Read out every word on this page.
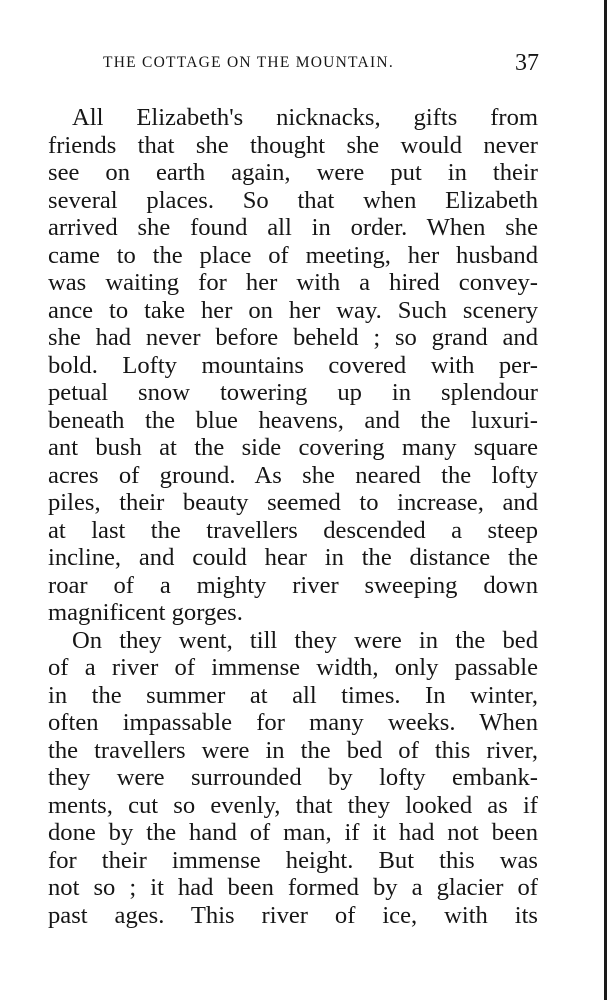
THE COTTAGE ON THE MOUNTAIN.	37
All Elizabeth's nicknacks, gifts from
friends that she thought she would never
see on earth again, were put in their
several places. So that when Elizabeth
arrived she found all in order. When she
came to the place of meeting, her husband
was waiting for her with a hired convey-
ance to take her on her way. Such scenery
she had never before beheld ; so grand and
bold. Lofty mountains covered with per-
petual snow towering up in splendour
beneath the blue heavens, and the luxuri-
ant bush at the side covering many square
acres of ground. As she neared the lofty
piles, their beauty seemed to increase, and
at last the travellers descended a steep
incline, and could hear in the distance the
roar of a mighty river sweeping down
magnificent gorges.
On they went, till they were in the bed
of a river of immense width, only passable
in the summer at all times. In winter,
often impassable for many weeks. When
the travellers were in the bed of this river,
they were surrounded by lofty embank-
ments, cut so evenly, that they looked as if
done by the hand of man, if it had not been
for their immense height. But this was
not so ; it had been formed by a glacier of
past ages. This river of ice, with its
